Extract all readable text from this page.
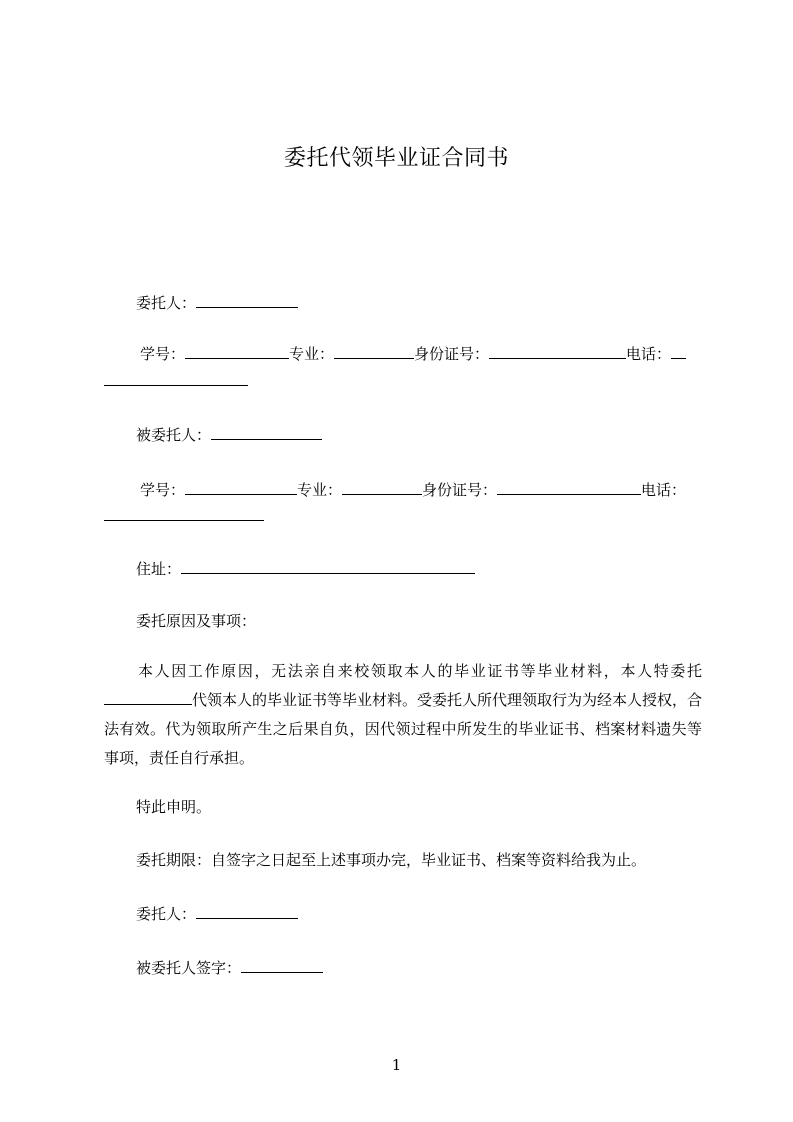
委托代领毕业证合同书
委托人：
学号：	专业：	身份证号：	电话：
被委托人：
学号：	专业：	身份证号：	电话：
住址：
委托原因及事项：
本人因工作原因，无法亲自来校领取本人的毕业证书等毕业材料，本人特委托代领本人的毕业证书等毕业材料。受委托人所代理领取行为为经本人授权，合法有效。代为领取所产生之后果自负，因代领过程中所发生的毕业证书、档案材料遗失等事项，责任自行承担。
特此申明。
委托期限：自签字之日起至上述事项办完，毕业证书、档案等资料给我为止。
委托人：
被委托人签字：
1
